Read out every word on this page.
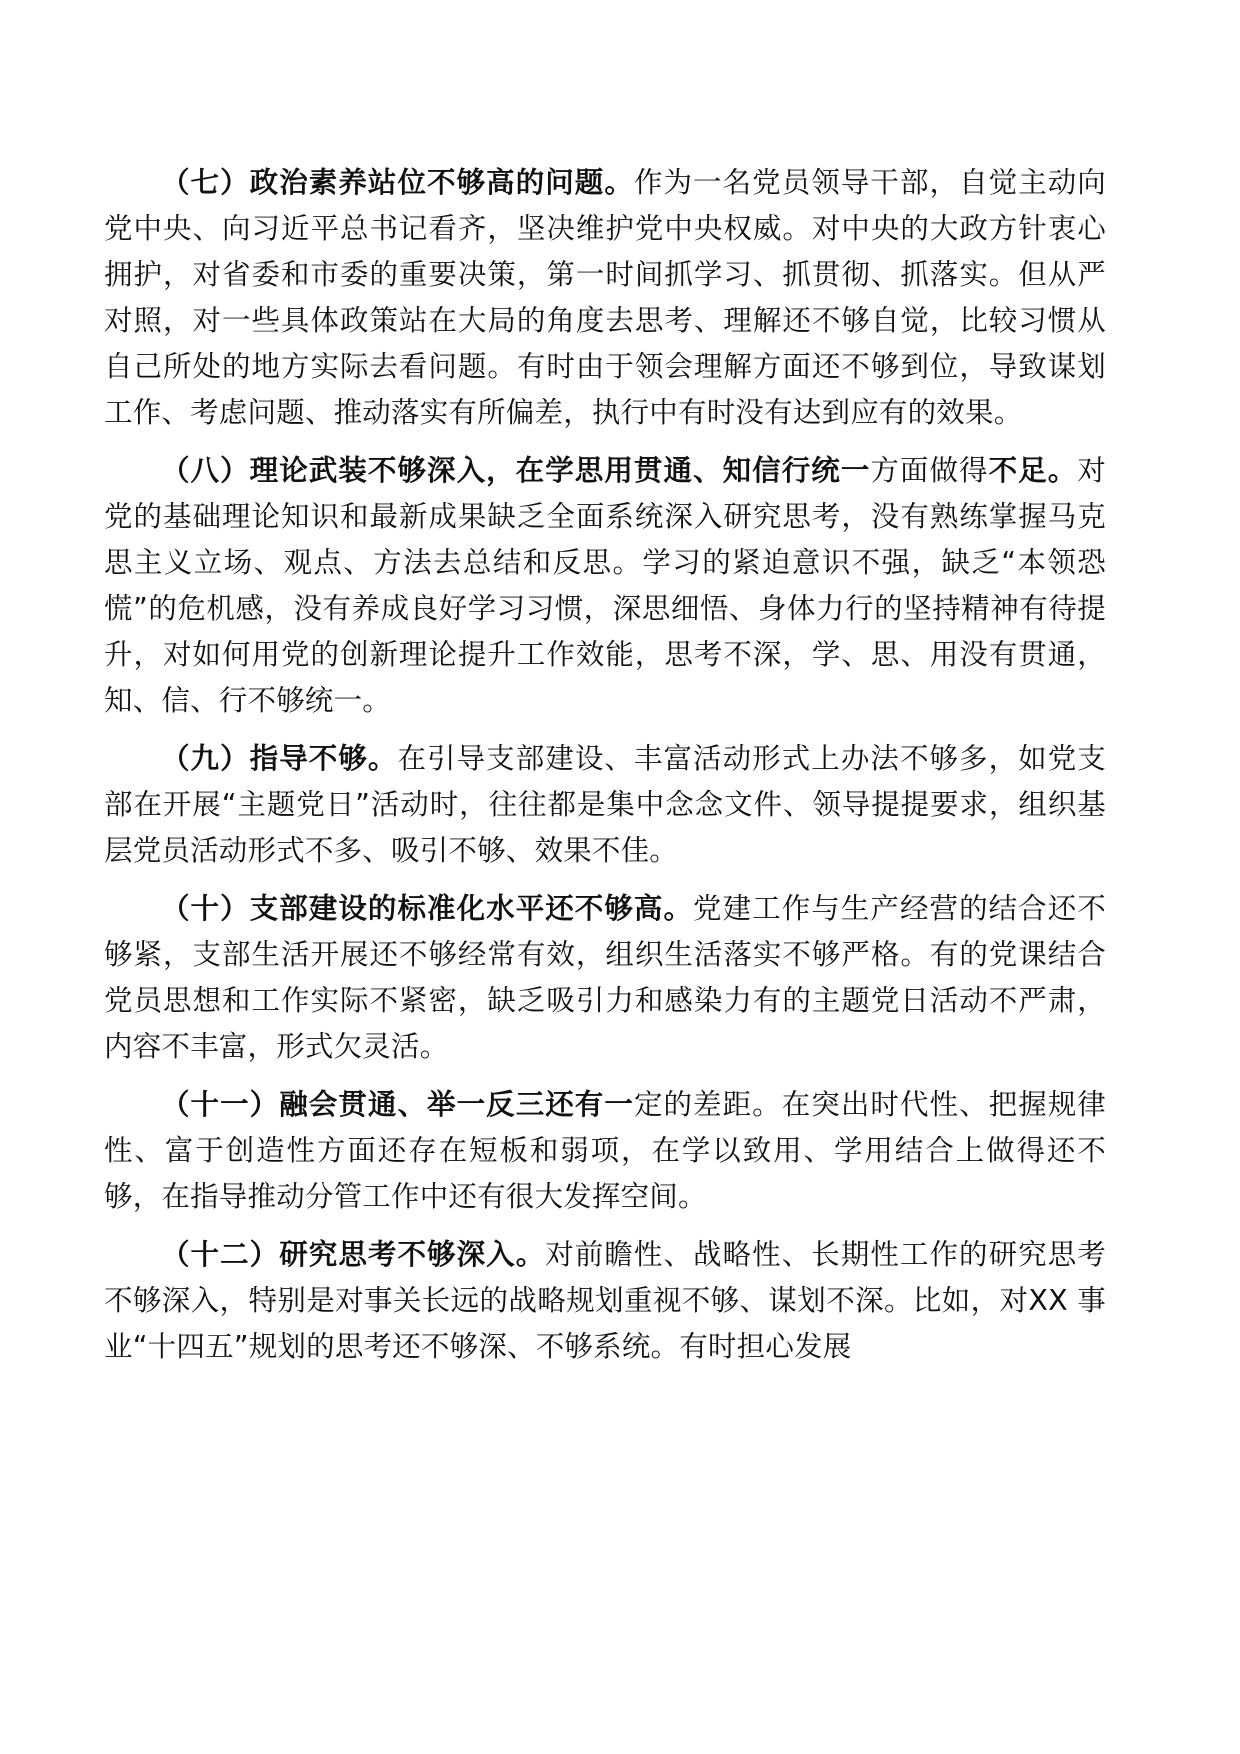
（七）政治素养站位不够高的问题。作为一名党员领导干部，自觉主动向党中央、向习近平总书记看齐，坚决维护党中央权威。对中央的大政方针衷心拥护，对省委和市委的重要决策，第一时间抓学习、抓贯彻、抓落实。但从严对照，对一些具体政策站在大局的角度去思考、理解还不够自觉，比较习惯从自己所处的地方实际去看问题。有时由于领会理解方面还不够到位，导致谋划工作、考虑问题、推动落实有所偏差，执行中有时没有达到应有的效果。

（八）理论武装不够深入，在学思用贯通、知信行统一方面做得不足。对党的基础理论知识和最新成果缺乏全面系统深入研究思考，没有熟练掌握马克思主义立场、观点、方法去总结和反思。学习的紧迫意识不强，缺乏“本领恐慌”的危机感，没有养成良好学习习惯，深思细悟、身体力行的坚持精神有待提升，对如何用党的创新理论提升工作效能，思考不深，学、思、用没有贯通，知、信、行不够统一。

（九）指导不够。在引导支部建设、丰富活动形式上办法不够多，如党支部在开展“主题党日”活动时，往往都是集中念念文件、领导提提要求，组织基层党员活动形式不多、吸引不够、效果不佳。

（十）支部建设的标准化水平还不够高。党建工作与生产经营的结合还不够紧，支部生活开展还不够经常有效，组织生活落实不够严格。有的党课结合党员思想和工作实际不紧密，缺乏吸引力和感染力有的主题党日活动不严肃，内容不丰富，形式欠灵活。

（十一）融会贯通、举一反三还有一定的差距。在突出时代性、把握规律性、富于创造性方面还存在短板和弱项，在学以致用、学用结合上做得还不够，在指导推动分管工作中还有很大发挥空间。

（十二）研究思考不够深入。对前瞻性、战略性、长期性工作的研究思考不够深入，特别是对事关长远的战略规划重视不够、谋划不深。比如，对XX 事业“十四五”规划的思考还不够深、不够系统。有时担心发展
